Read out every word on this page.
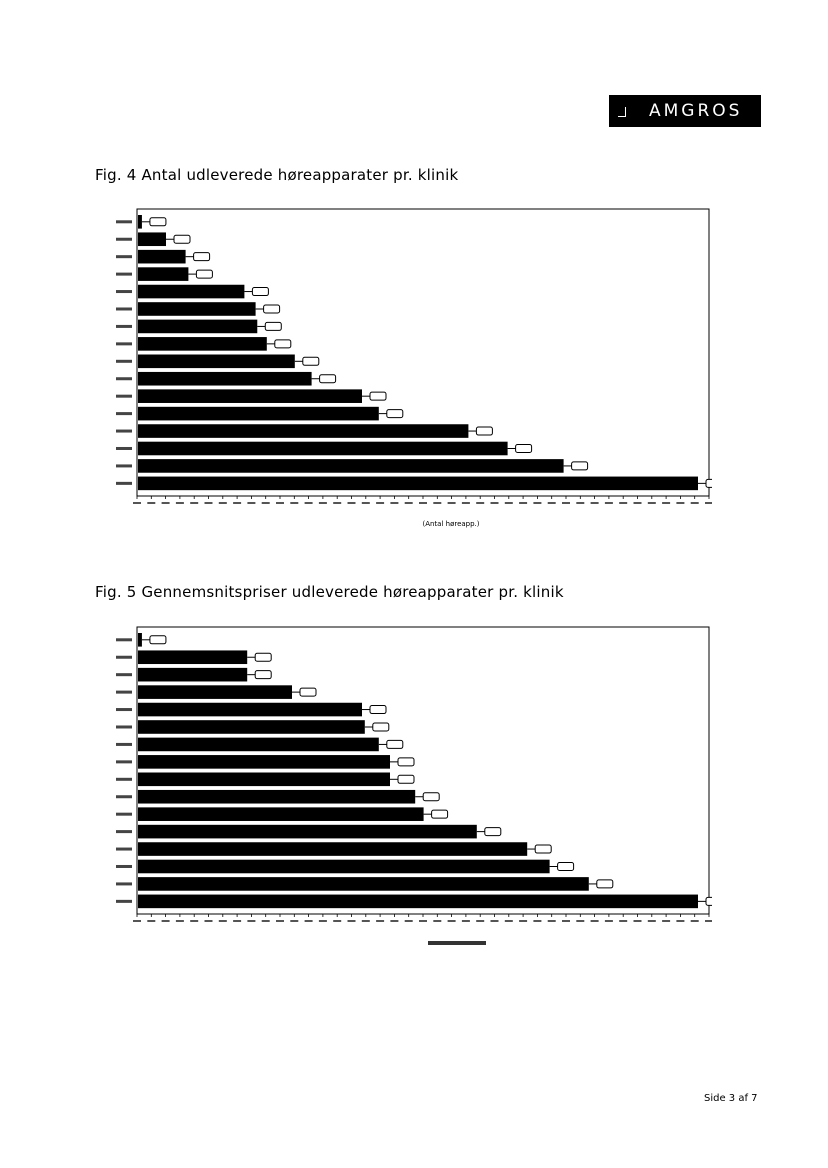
AMGROS
Fig. 4 Antal udleverede høreapparater pr. klinik
(Antal høreapp.)
Fig. 5 Gennemsnitspriser udleverede høreapparater pr. klinik
Side 3 af 7
